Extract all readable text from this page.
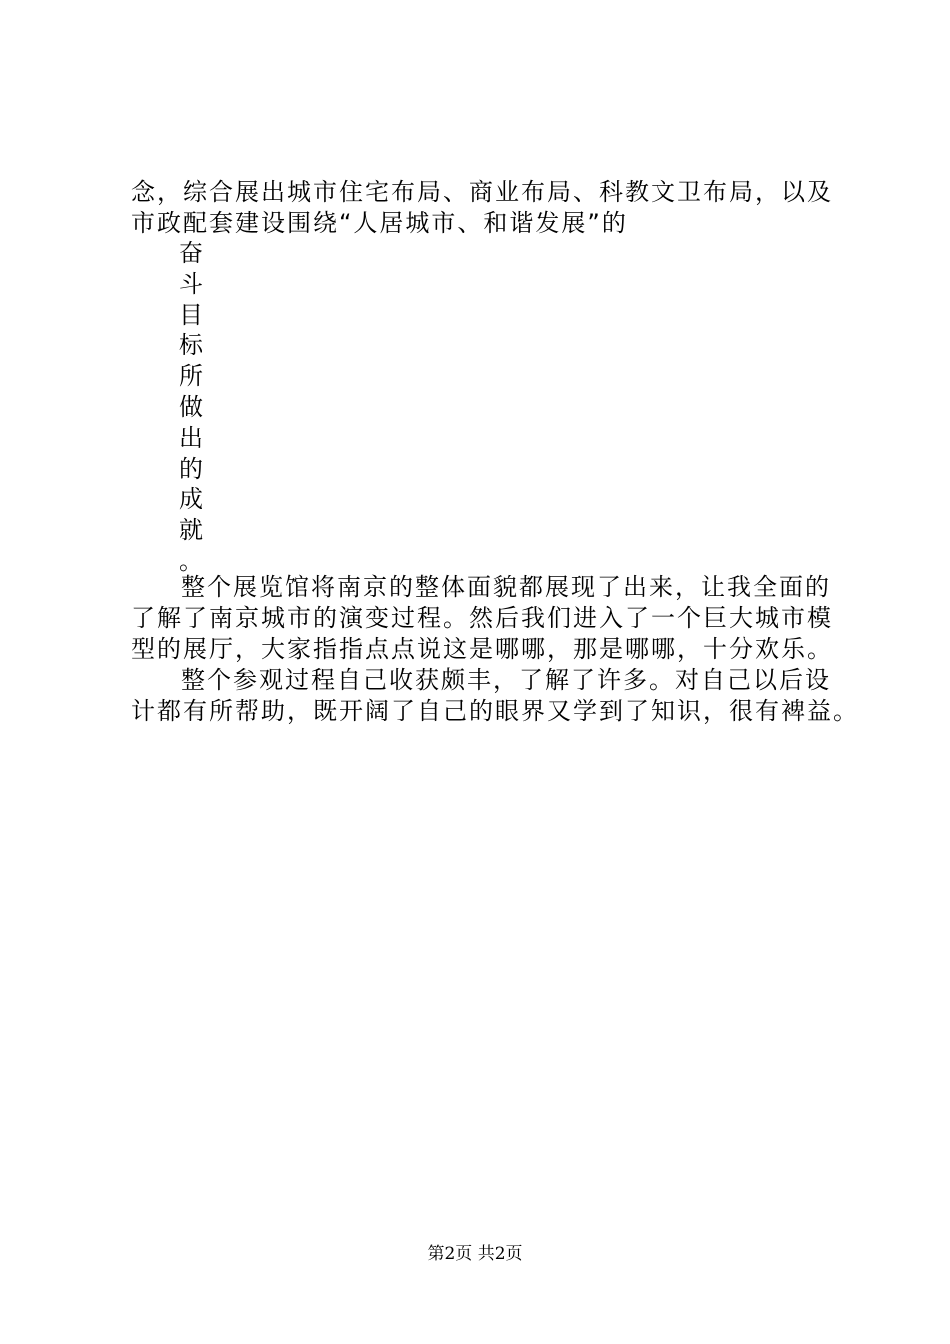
念，综合展出城市住宅布局、商业布局、科教文卫布局，以及
市政配套建设围绕“人居城市、和谐发展”的
奋
斗
目
标
所
做
出
的
成
就
。
整个展览馆将南京的整体面貌都展现了出来，让我全面的
了解了南京城市的演变过程。然后我们进入了一个巨大城市模
型的展厅，大家指指点点说这是哪哪，那是哪哪，十分欢乐。
整个参观过程自己收获颇丰，了解了许多。对自己以后设
计都有所帮助，既开阔了自己的眼界又学到了知识，很有裨益。
第2页 共2页
